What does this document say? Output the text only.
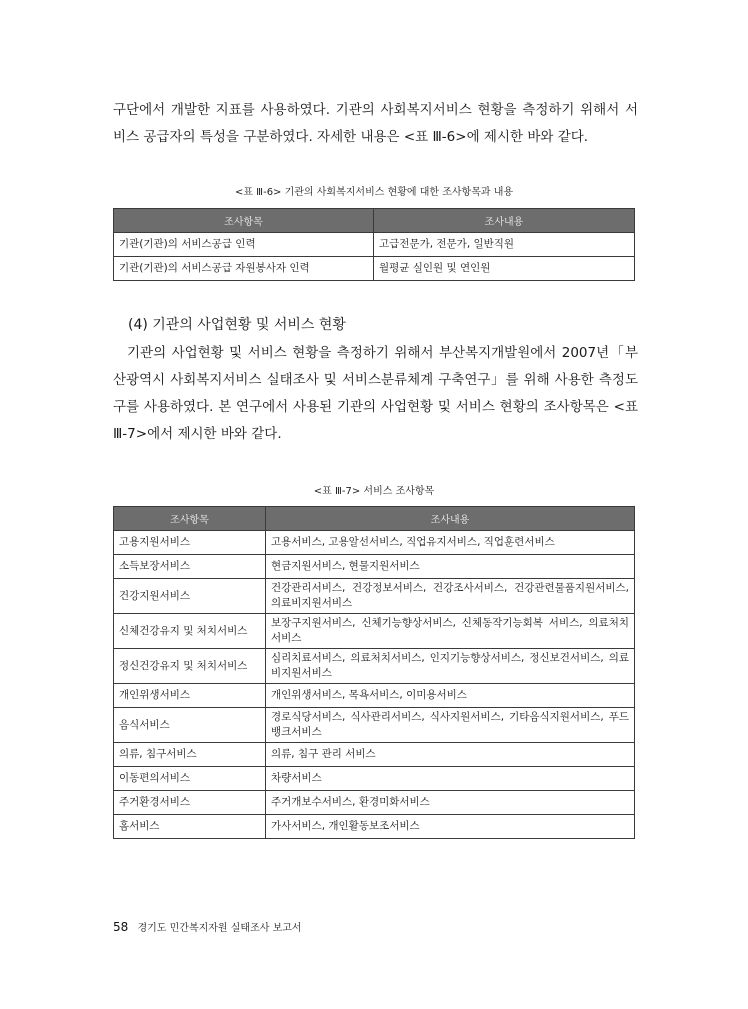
구단에서 개발한 지표를 사용하였다. 기관의 사회복지서비스 현황을 측정하기 위해서 서비스 공급자의 특성을 구분하였다. 자세한 내용은 <표 Ⅲ-6>에 제시한 바와 같다.

<표 Ⅲ-6> 기관의 사회복지서비스 현황에 대한 조사항목과 내용
조사항목	조사내용
기관(기관)의 서비스공급 인력	고급전문가, 전문가, 일반직원
기관(기관)의 서비스공급 자원봉사자 인력	월평균 실인원 및 연인원
(4) 기관의 사업현황 및 서비스 현황

기관의 사업현황 및 서비스 현황을 측정하기 위해서 부산복지개발원에서 2007년「부산광역시 사회복지서비스 실태조사 및 서비스분류체계 구축연구」를 위해 사용한 측정도구를 사용하였다. 본 연구에서 사용된 기관의 사업현황 및 서비스 현황의 조사항목은 <표 Ⅲ-7>에서 제시한 바와 같다.

<표 Ⅲ-7> 서비스 조사항목
조사항목	조사내용
고용지원서비스	고용서비스, 고용알선서비스, 직업유지서비스, 직업훈련서비스
소득보장서비스	현금지원서비스, 현물지원서비스
건강지원서비스	건강관리서비스, 건강정보서비스, 건강조사서비스, 건강관련물품지원서비스, 의료비지원서비스
신체건강유지 및 처치서비스	보장구지원서비스, 신체기능향상서비스, 신체동작기능회복 서비스, 의료처치서비스
정신건강유지 및 처치서비스	심리치료서비스, 의료처치서비스, 인지기능향상서비스, 정신보건서비스, 의료비지원서비스
개인위생서비스	개인위생서비스, 목욕서비스, 이미용서비스
음식서비스	경로식당서비스, 식사관리서비스, 식사지원서비스, 기타음식지원서비스, 푸드뱅크서비스
의류, 침구서비스	의류, 침구 관리 서비스
이동편의서비스	차량서비스
주거환경서비스	주거개보수서비스, 환경미화서비스
홈서비스	가사서비스, 개인활동보조서비스
58 경기도 민간복지자원 실태조사 보고서
